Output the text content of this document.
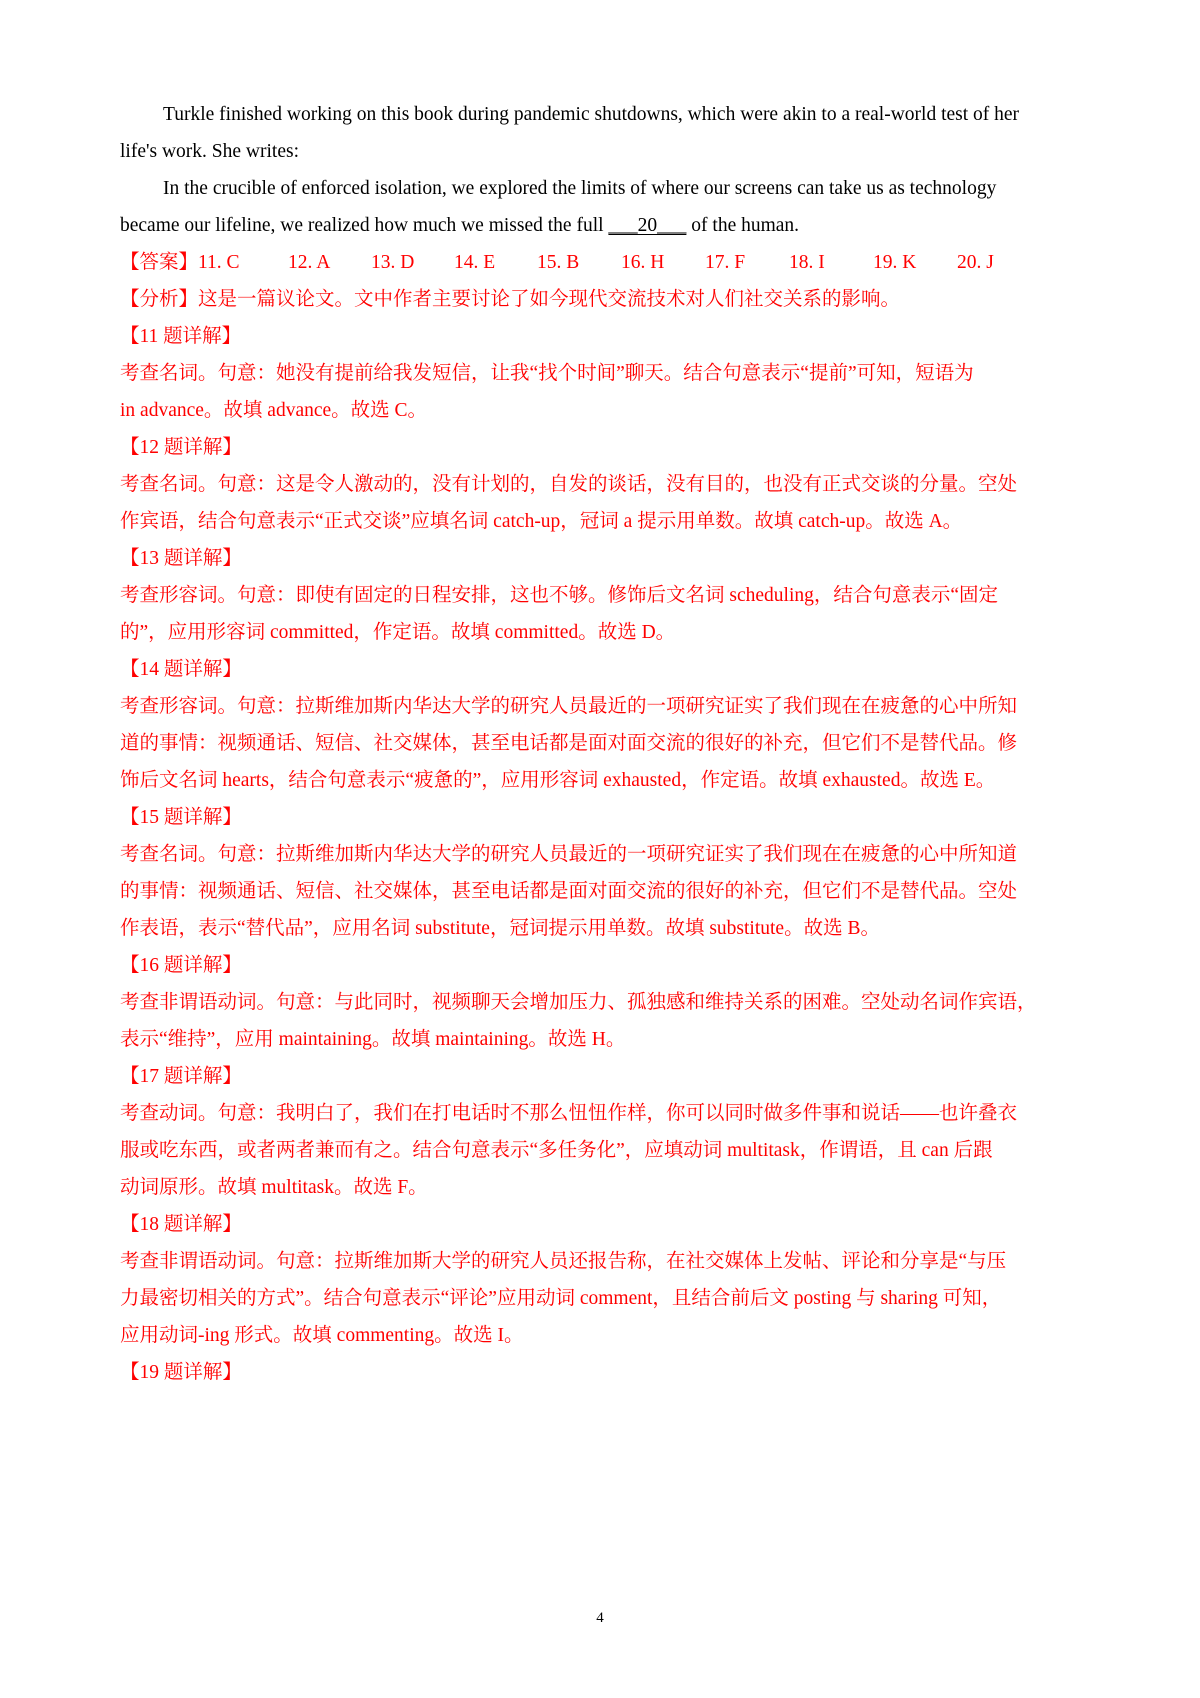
Turkle finished working on this book during pandemic shutdowns, which were akin to a real-world test of her
life's work. She writes:
In the crucible of enforced isolation, we explored the limits of where our screens can take us as technology
became our lifeline, we realized how much we missed the full ___20___ of the human.
【答案】 11. C	12. A	13. D	14. E	15. B	16. H	17. F	18. I	19. K	20. J
【分析】这是一篇议论文。文中作者主要讨论了如今现代交流技术对人们社交关系的影响。
【11 题详解】
考查名词。句意：她没有提前给我发短信，让我“找个时间”聊天。结合句意表示“提前”可知，短语为
in advance。故填 advance。故选 C。
【12 题详解】
考查名词。句意：这是令人激动的，没有计划的，自发的谈话，没有目的，也没有正式交谈的分量。空处
作宾语，结合句意表示“正式交谈”应填名词 catch-up，冠词 a 提示用单数。故填 catch-up。故选 A。
【13 题详解】
考查形容词。句意：即使有固定的日程安排，这也不够。修饰后文名词 scheduling，结合句意表示“固定
的”，应用形容词 committed，作定语。故填 committed。故选 D。
【14 题详解】
考查形容词。句意：拉斯维加斯内华达大学的研究人员最近的一项研究证实了我们现在在疲惫的心中所知
道的事情：视频通话、短信、社交媒体，甚至电话都是面对面交流的很好的补充，但它们不是替代品。修
饰后文名词 hearts，结合句意表示“疲惫的”，应用形容词 exhausted，作定语。故填 exhausted。故选 E。
【15 题详解】
考查名词。句意：拉斯维加斯内华达大学的研究人员最近的一项研究证实了我们现在在疲惫的心中所知道
的事情：视频通话、短信、社交媒体，甚至电话都是面对面交流的很好的补充，但它们不是替代品。空处
作表语，表示“替代品”，应用名词 substitute，冠词提示用单数。故填 substitute。故选 B。
【16 题详解】
考查非谓语动词。句意：与此同时，视频聊天会增加压力、孤独感和维持关系的困难。空处动名词作宾语，
表示“维持”，应用 maintaining。故填 maintaining。故选 H。
【17 题详解】
考查动词。句意：我明白了，我们在打电话时不那么忸忸作样，你可以同时做多件事和说话——也许叠衣
服或吃东西，或者两者兼而有之。结合句意表示“多任务化”，应填动词 multitask，作谓语，且 can 后跟
动词原形。故填 multitask。故选 F。
【18 题详解】
考查非谓语动词。句意：拉斯维加斯大学的研究人员还报告称，在社交媒体上发帖、评论和分享是“与压
力最密切相关的方式”。结合句意表示“评论”应用动词 comment，且结合前后文 posting 与 sharing 可知，
应用动词-ing 形式。故填 commenting。故选 I。
【19 题详解】
4
